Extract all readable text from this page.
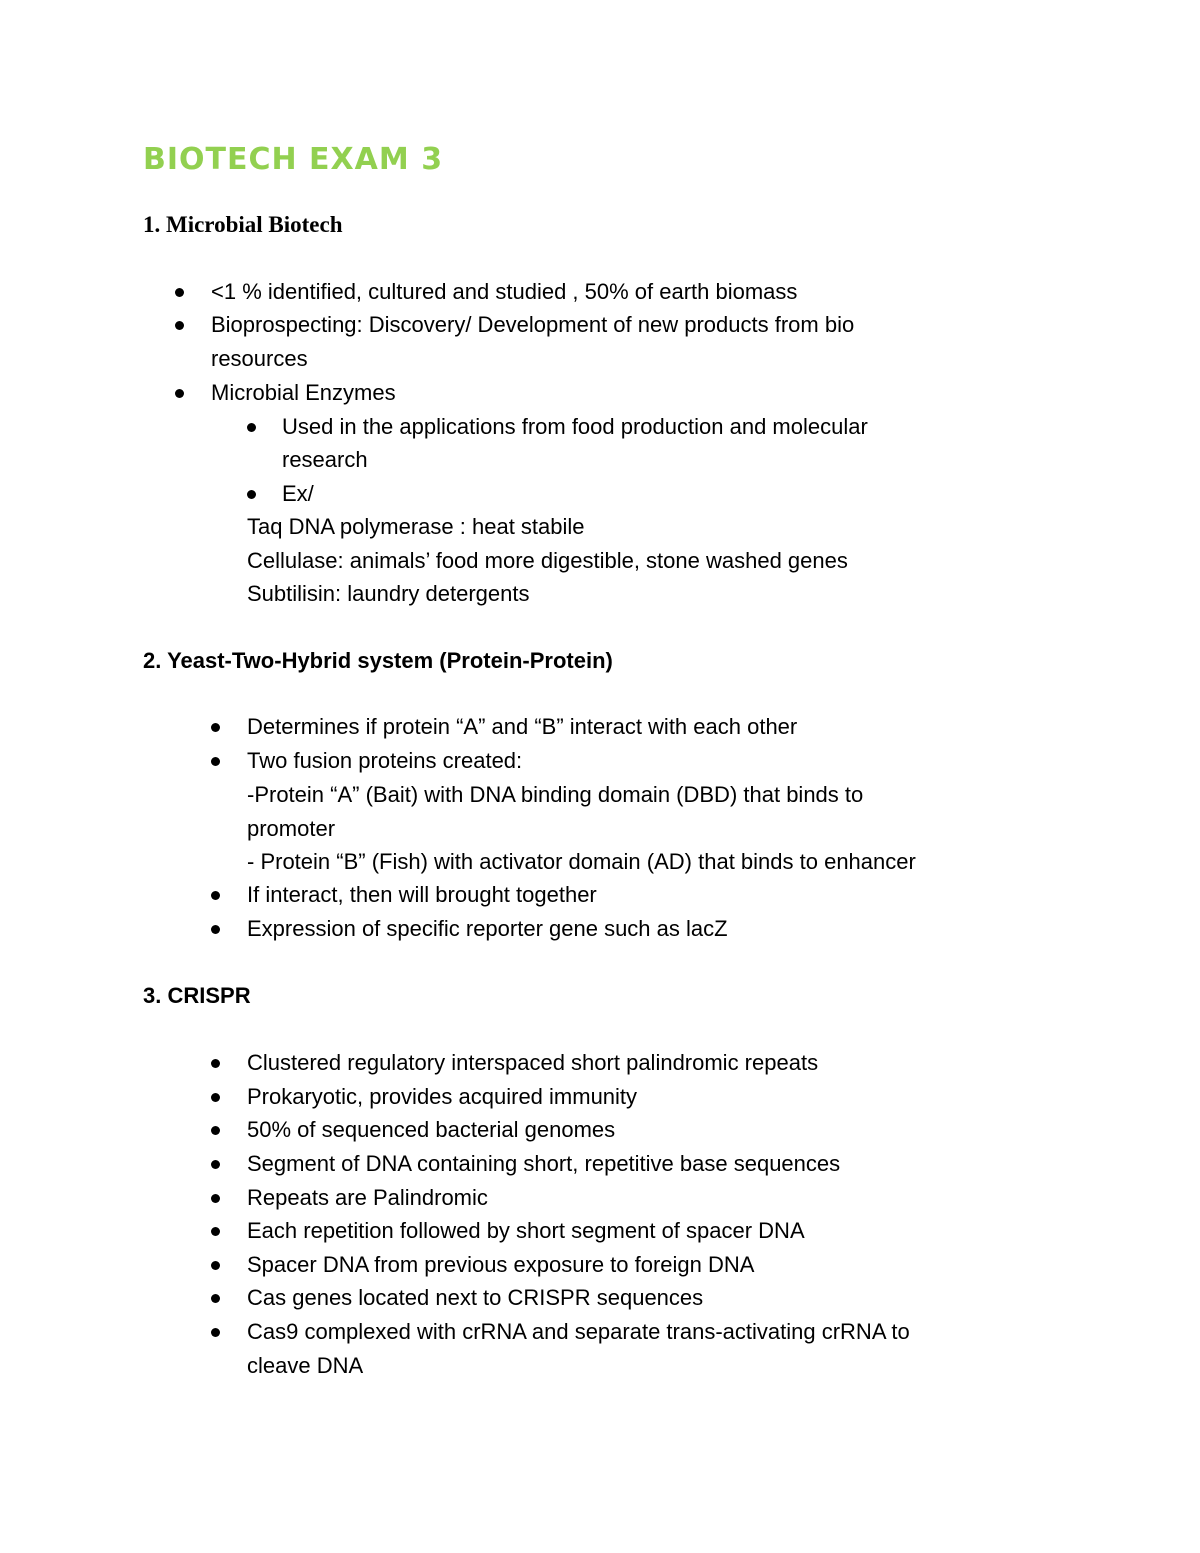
BIOTECH EXAM 3
1. Microbial Biotech
<1 % identified, cultured and studied , 50% of earth biomass
Bioprospecting: Discovery/ Development of new products from bio
resources
Microbial Enzymes
Used in the applications from food production and molecular
research
Ex/
Taq DNA polymerase : heat stabile
Cellulase: animals’ food more digestible, stone washed genes
Subtilisin: laundry detergents
2. Yeast-Two-Hybrid system (Protein-Protein)
Determines if protein “A” and “B” interact with each other
Two fusion proteins created:
-Protein “A” (Bait) with DNA binding domain (DBD) that binds to
promoter
- Protein “B” (Fish) with activator domain (AD) that binds to enhancer
If interact, then will brought together
Expression of specific reporter gene such as lacZ
3. CRISPR
Clustered regulatory interspaced short palindromic repeats
Prokaryotic, provides acquired immunity
50% of sequenced bacterial genomes
Segment of DNA containing short, repetitive base sequences
Repeats are Palindromic
Each repetition followed by short segment of spacer DNA
Spacer DNA from previous exposure to foreign DNA
Cas genes located next to CRISPR sequences
Cas9 complexed with crRNA and separate trans-activating crRNA to
cleave DNA
